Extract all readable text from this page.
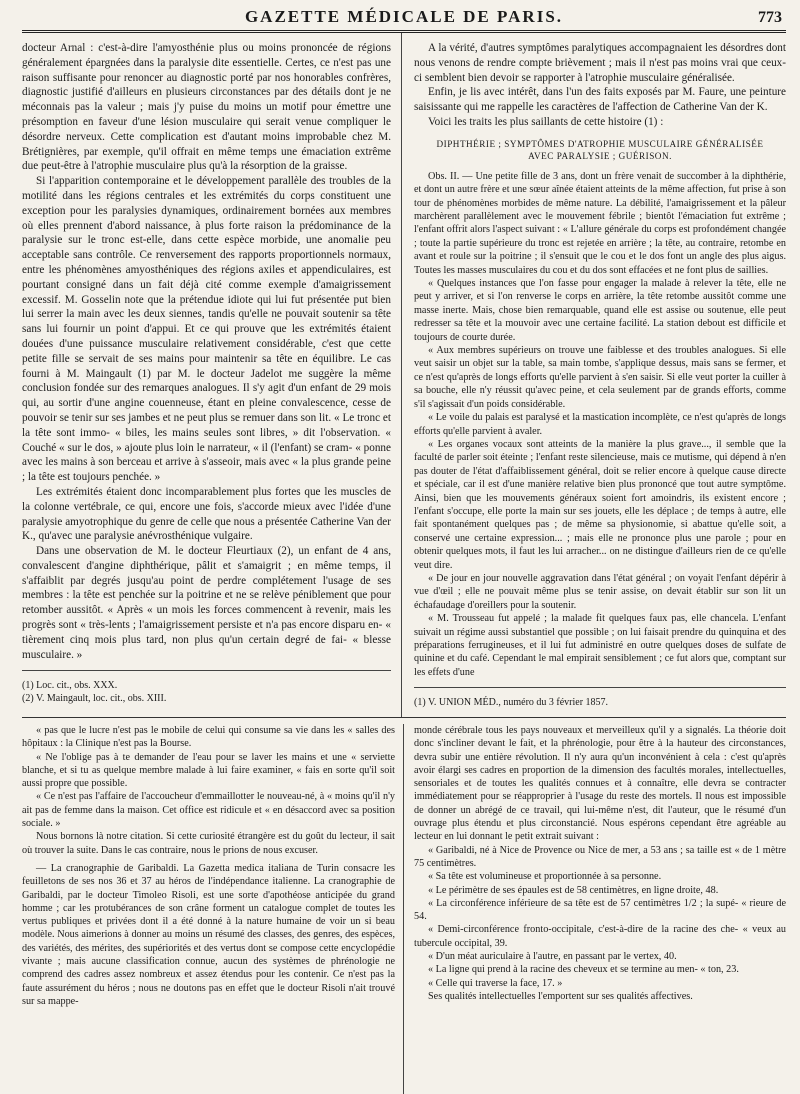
GAZETTE MÉDICALE DE PARIS.	773

docteur Arnal : c'est-à-dire l'amyosthénie plus ou moins prononcée de régions généralement épargnées dans la paralysie dite essentielle. Certes, ce n'est pas une raison suffisante pour renoncer au diagnostic porté par nos honorables confrères, diagnostic justifié d'ailleurs en plusieurs circonstances par des détails dont je ne méconnais pas la valeur ; mais j'y puise du moins un motif pour émettre une présomption en faveur d'une lésion musculaire qui serait venue compliquer le désordre nerveux. Cette complication est d'autant moins improbable chez M. Brétignières, par exemple, qu'il offrait en même temps une émaciation extrême due peut-être à l'atrophie musculaire plus qu'à la résorption de la graisse.

Si l'apparition contemporaine et le développement parallèle des troubles de la motilité dans les régions centrales et les extrémités du corps constituent une exception pour les paralysies dynamiques, ordinairement bornées aux membres où elles prennent d'abord naissance, à plus forte raison la prédominance de la paralysie sur le tronc est-elle, dans cette espèce morbide, une anomalie peu acceptable sans contrôle. Ce renversement des rapports proportionnels normaux, entre les phénomènes amyosthéniques des régions axiles et appendiculaires, est pourtant consigné dans un fait déjà cité comme exemple d'amaigrissement excessif. M. Gosselin note que la prétendue idiote qui lui fut présentée put bien lui serrer la main avec les deux siennes, tandis qu'elle ne pouvait soutenir sa tête sans lui fournir un point d'appui. Et ce qui prouve que les extrémités étaient douées d'une puissance musculaire relativement considérable, c'est que cette petite fille se servait de ses mains pour maintenir sa tête en équilibre. Le cas fourni à M. Maingault (1) par M. le docteur Jadelot me suggère la même conclusion fondée sur des remarques analogues. Il s'y agit d'un enfant de 29 mois qui, au sortir d'une angine couenneuse, étant en pleine convalescence, cesse de pouvoir se tenir sur ses jambes et ne peut plus se remuer dans son lit. « Le tronc et la tête sont immo- « biles, les mains seules sont libres, » dit l'observation. « Couché « sur le dos, » ajoute plus loin le narrateur, « il (l'enfant) se cram- « ponne avec les mains à son berceau et arrive à s'asseoir, mais avec « la plus grande peine ; la tête est toujours penchée. »

Les extrémités étaient donc incomparablement plus fortes que les muscles de la colonne vertébrale, ce qui, encore une fois, s'accorde mieux avec l'idée d'une paralysie amyotrophique du genre de celle que nous a présentée Catherine Van der K., qu'avec une paralysie anévrosthénique vulgaire.

Dans une observation de M. le docteur Fleurtiaux (2), un enfant de 4 ans, convalescent d'angine diphthérique, pâlit et s'amaigrit ; en même temps, il s'affaiblit par degrés jusqu'au point de perdre complétement l'usage de ses membres : la tête est penchée sur la poitrine et ne se relève péniblement que pour retomber aussitôt. « Après « un mois les forces commencent à revenir, mais les progrès sont « très-lents ; l'amaigrissement persiste et n'a pas encore disparu en- « tièrement cinq mois plus tard, non plus qu'un certain degré de fai- « blesse musculaire. »

(1) Loc. cit., obs. XXX.
(2) V. Maingault, loc. cit., obs. XIII.

A la vérité, d'autres symptômes paralytiques accompagnaient les désordres dont nous venons de rendre compte brièvement ; mais il n'est pas moins vrai que ceux-ci semblent bien devoir se rapporter à l'atrophie musculaire généralisée.

Enfin, je lis avec intérêt, dans l'un des faits exposés par M. Faure, une peinture saisissante qui me rappelle les caractères de l'affection de Catherine Van der K.

Voici les traits les plus saillants de cette histoire (1) :

DIPHTHÉRIE ; SYMPTÔMES D'ATROPHIE MUSCULAIRE GÉNÉRALISÉE
AVEC PARALYSIE ; GUÉRISON.

Obs. II. — Une petite fille de 3 ans, dont un frère venait de succomber à la diphthérie, et dont un autre frère et une sœur aînée étaient atteints de la même affection, fut prise à son tour de phénomènes morbides de même nature. La débilité, l'amaigrissement et la pâleur marchèrent parallèlement avec le mouvement fébrile ; bientôt l'émaciation fut extrême ; l'enfant offrit alors l'aspect suivant : « L'allure générale du corps est profondément changée ; toute la partie supérieure du tronc est rejetée en arrière ; la tête, au contraire, retombe en avant et roule sur la poitrine ; il s'ensuit que le cou et le dos font un angle des plus aigus. Toutes les masses musculaires du cou et du dos sont effacées et ne font plus de saillies.

« Quelques instances que l'on fasse pour engager la malade à relever la tête, elle ne peut y arriver, et si l'on renverse le corps en arrière, la tête retombe aussitôt comme une masse inerte. Mais, chose bien remarquable, quand elle est assise ou soutenue, elle peut redresser sa tête et la mouvoir avec une certaine facilité. La station debout est difficile et toujours de courte durée.

« Aux membres supérieurs on trouve une faiblesse et des troubles analogues. Si elle veut saisir un objet sur la table, sa main tombe, s'applique dessus, mais sans se fermer, et ce n'est qu'après de longs efforts qu'elle parvient à s'en saisir. Si elle veut porter la cuiller à sa bouche, elle n'y réussit qu'avec peine, et cela seulement par de grands efforts, comme s'il s'agissait d'un poids considérable.

« Le voile du palais est paralysé et la mastication incomplète, ce n'est qu'après de longs efforts qu'elle parvient à avaler.

« Les organes vocaux sont atteints de la manière la plus grave..., il semble que la faculté de parler soit éteinte ; l'enfant reste silencieuse, mais ce mutisme, qui dépend à n'en pas douter de l'état d'affaiblissement général, doit se relier encore à quelque cause directe et spéciale, car il est d'une manière relative bien plus prononcé que tout autre symptôme. Ainsi, bien que les mouvements généraux soient fort amoindris, ils existent encore ; l'enfant s'occupe, elle porte la main sur ses jouets, elle les déplace ; de temps à autre, elle fait spontanément quelques pas ; de même sa physionomie, si abattue qu'elle soit, a conservé une certaine expression... ; mais elle ne prononce plus une parole ; pour en obtenir quelques mots, il faut les lui arracher... on ne distingue d'ailleurs rien de ce qu'elle veut dire.

« De jour en jour nouvelle aggravation dans l'état général ; on voyait l'enfant dépérir à vue d'œil ; elle ne pouvait même plus se tenir assise, on devait établir sur son lit un échafaudage d'oreillers pour la soutenir.

« M. Trousseau fut appelé ; la malade fit quelques faux pas, elle chancela. L'enfant suivait un régime aussi substantiel que possible ; on lui faisait prendre du quinquina et des préparations ferrugineuses, et il lui fut administré en outre quelques doses de sulfate de quinine et du café. Cependant le mal empirait sensiblement ; ce fut alors que, comptant sur les effets d'une

(1) V. UNION MÉD., numéro du 3 février 1857.

« pas que le lucre n'est pas le mobile de celui qui consume sa vie dans les « salles des hôpitaux : la Clinique n'est pas la Bourse.

« Ne l'oblige pas à te demander de l'eau pour se laver les mains et une « serviette blanche, et si tu as quelque membre malade à lui faire examiner, « fais en sorte qu'il soit aussi propre que possible.

« Ce n'est pas l'affaire de l'accoucheur d'emmaillotter le nouveau-né, à « moins qu'il n'y ait pas de femme dans la maison. Cet office est ridicule et « en désaccord avec sa position sociale. »

Nous bornons là notre citation. Si cette curiosité étrangère est du goût du lecteur, il sait où trouver la suite. Dans le cas contraire, nous le prions de nous excuser.

— La cranographie de Garibaldi. La Gazetta medica italiana de Turin consacre les feuilletons de ses nos 36 et 37 au héros de l'indépendance italienne. La cranographie de Garibaldi, par le docteur Timoleo Risoli, est une sorte d'apothéose anticipée du grand homme ; car les protubérances de son crâne forment un catalogue complet de toutes les vertus publiques et privées dont il a été donné à la nature humaine de voir un si beau modèle. Nous aimerions à donner au moins un résumé des classes, des genres, des espèces, des variétés, des mérites, des supériorités et des vertus dont se compose cette encyclopédie vivante ; mais aucune classification connue, aucun des systèmes de phrénologie ne comprend des cadres assez nombreux et assez étendus pour les contenir. Ce n'est pas la faute assurément du héros ; nous ne doutons pas en effet que le docteur Risoli n'ait trouvé sur sa mappe-

monde cérébrale tous les pays nouveaux et merveilleux qu'il y a signalés. La théorie doit donc s'incliner devant le fait, et la phrénologie, pour être à la hauteur des circonstances, devra subir une entière révolution. Il n'y aura qu'un inconvénient à cela : c'est qu'après avoir élargi ses cadres en proportion de la dimension des facultés morales, intellectuelles, sensoriales et de toutes les qualités connues et à connaître, elle devra se contracter immédiatement pour se réapproprier à l'usage du reste des mortels. Il nous est impossible de donner un abrégé de ce travail, qui lui-même n'est, dit l'auteur, que le résumé d'un ouvrage plus étendu et plus circonstancié. Nous espérons cependant être agréable au lecteur en lui donnant le petit extrait suivant :

« Garibaldi, né à Nice de Provence ou Nice de mer, a 53 ans ; sa taille est « de 1 mètre 75 centimètres.

« Sa tête est volumineuse et proportionnée à sa personne.

« Le périmètre de ses épaules est de 58 centimètres, en ligne droite, 48.

« La circonférence inférieure de sa tête est de 57 centimètres 1/2 ; la supé- « rieure de 54.

« Demi-circonférence fronto-occipitale, c'est-à-dire de la racine des che- « veux au tubercule occipital, 39.

« D'un méat auriculaire à l'autre, en passant par le vertex, 40.

« La ligne qui prend à la racine des cheveux et se termine au men- « ton, 23.

« Celle qui traverse la face, 17. »

Ses qualités intellectuelles l'emportent sur ses qualités affectives.
